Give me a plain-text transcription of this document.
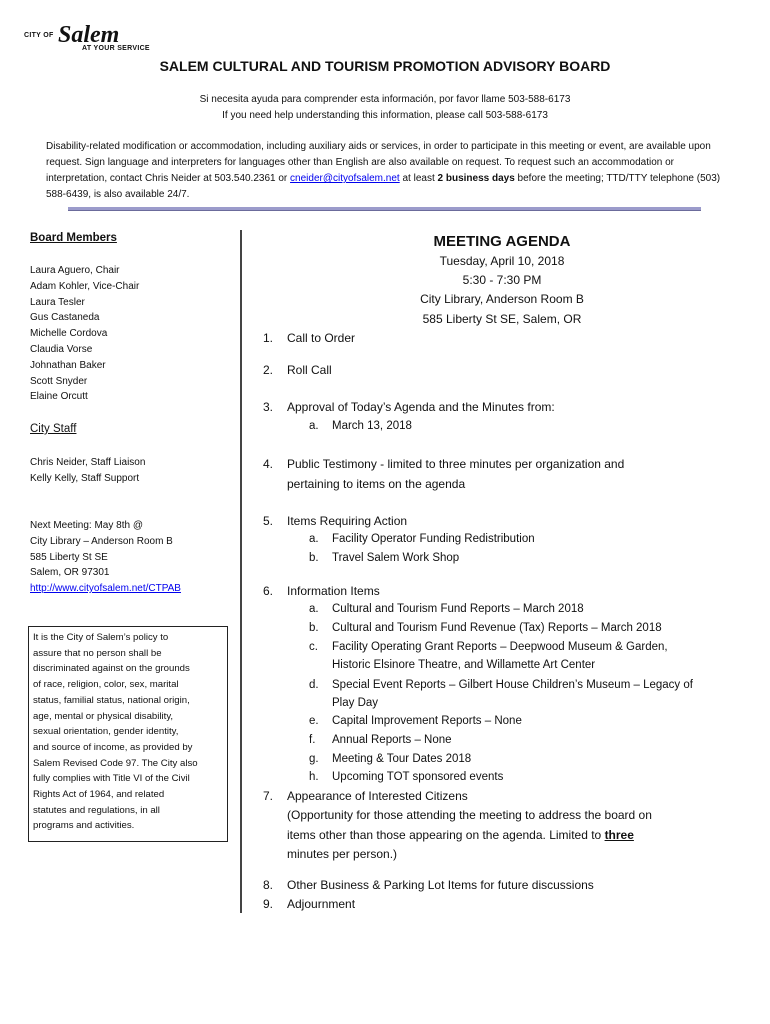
CITY OF Salem
AT YOUR SERVICE
SALEM CULTURAL AND TOURISM PROMOTION ADVISORY BOARD
Si necesita ayuda para comprender esta información, por favor llame 503-588-6173
If you need help understanding this information, please call 503-588-6173
Disability-related modification or accommodation, including auxiliary aids or services, in order to participate in this meeting or event, are available upon request. Sign language and interpreters for languages other than English are also available on request. To request such an accommodation or interpretation, contact Chris Neider at 503.540.2361 or cneider@cityofsalem.net at least 2 business days before the meeting; TTD/TTY telephone (503) 588-6439, is also available 24/7.
Board Members
Laura Aguero, Chair
Adam Kohler, Vice-Chair
Laura Tesler
Gus Castaneda
Michelle Cordova
Claudia Vorse
Johnathan Baker
Scott Snyder
Elaine Orcutt
City Staff
Chris Neider, Staff Liaison
Kelly Kelly, Staff Support
Next Meeting: May 8th @
City Library – Anderson Room B
585 Liberty St SE
Salem, OR 97301
http://www.cityofsalem.net/CTPAB
It is the City of Salem’s policy to
assure that no person shall be
discriminated against on the grounds
of race, religion, color, sex, marital
status, familial status, national origin,
age, mental or physical disability,
sexual orientation, gender identity,
and source of income, as provided by
Salem Revised Code 97. The City also
fully complies with Title VI of the Civil
Rights Act of 1964, and related
statutes and regulations, in all
programs and activities.
MEETING AGENDA
Tuesday, April 10, 2018
5:30 - 7:30 PM
City Library, Anderson Room B
585 Liberty St SE, Salem, OR
1. Call to Order
2. Roll Call
3. Approval of Today’s Agenda and the Minutes from:
a. March 13, 2018
4. Public Testimony - limited to three minutes per organization and
pertaining to items on the agenda
5. Items Requiring Action
a. Facility Operator Funding Redistribution
b. Travel Salem Work Shop
6. Information Items
a. Cultural and Tourism Fund Reports – March 2018
b. Cultural and Tourism Fund Revenue (Tax) Reports – March 2018
c. Facility Operating Grant Reports – Deepwood Museum & Garden,
Historic Elsinore Theatre, and Willamette Art Center
d. Special Event Reports – Gilbert House Children’s Museum – Legacy of
Play Day
e. Capital Improvement Reports – None
f. Annual Reports – None
g. Meeting & Tour Dates 2018
h. Upcoming TOT sponsored events
7. Appearance of Interested Citizens
(Opportunity for those attending the meeting to address the board on
items other than those appearing on the agenda. Limited to three
minutes per person.)
8. Other Business & Parking Lot Items for future discussions
9. Adjournment
